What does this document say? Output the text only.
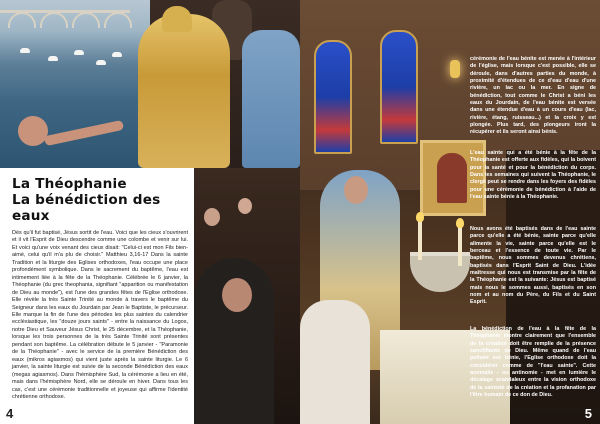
La Théophanie
La bénédiction des eaux

Dès qu'il fut baptisé, Jésus sortit de l'eau. Voici que les cieux s'ouvrirent et il vit l'Esprit de Dieu descendre comme une colombe et venir sur lui. Et voici qu'une voix venant des cieux disait: "Celui-ci est mon Fils bien-aimé, celui qu'il m'a plu de choisir." Matthieu 3,16-17 Dans la sainte Tradition et la liturgie des Eglises orthodoxes, l'eau occupe une place profondément symbolique. Dans le sacrement du baptême, l'eau est intimement liée à la fête de la Théophanie. Célébrée le 6 janvier, la Théophanie (du grec theophania, signifiant "apparition ou manifestation de Dieu au monde"), est l'une des grandes fêtes de l'Eglise orthodoxe. Elle révèle la très Sainte Trinité au monde à travers le baptême du Seigneur dans les eaux du Jourdain par Jean le Baptiste, le précurseur. Elle marque la fin de l'une des périodes les plus saintes du calendrier ecclésiastique, les "douze jours saints" - entre la naissance du Logos, notre Dieu et Sauveur Jésus Christ, le 25 décembre, et la Théophanie, lorsque les trois personnes de la très Sainte Trinité sont présentes pendant son baptême. La célébration débute le 5 janvier - "Paramonie de la Théophanie" - avec le service de la première Bénédiction des eaux (mikros agiasmos) qui vient juste après la sainte liturgie. Le 6 janvier, la sainte liturgie est suivie de la seconde Bénédiction des eaux (megas agiasmos). Dans l'hémisphère Sud, la cérémonie a lieu en été, mais dans l'hémisphère Nord, elle se déroule en hiver. Dans tous les cas, c'est une cérémonie traditionnelle et joyeuse qui affirme l'identité chrétienne orthodoxe.

4

cérémonie de l'eau bénite est menée à l'intérieur de l'église, mais lorsque c'est possible, elle se déroule, dans d'autres parties du monde, à proximité d'étendues de ce d'eau d'eau d'une rivière, un lac ou la mer. En signe de bénédiction, tout comme le Christ a béni les eaux du Jourdain, de l'eau bénite est versée dans une étendue d'eau à un cours d'eau (lac, rivière, étang, ruisseau...) et la croix y est plongée. Plus tard, des plongeurs iront la récupérer et ils seront ainsi bénis.

L'eau sainte qui a été bénie à la fête de la Théophanie est offerte aux fidèles, qui la boivent pour la santé et pour la bénédiction du corps. Dans les semaines qui suivent la Théophanie, le clergé peut se rendre dans les foyers des fidèles pour une cérémonie de bénédiction à l'aide de l'eau sainte bénie à la Théophanie.

Nous avons été baptisés dans de l'eau sainte parce qu'elle a été bénie, sainte parce qu'elle alimente la vie, sainte parce qu'elle est le berceau et l'essence de toute vie. Par le baptême, nous sommes devenus chrétiens, baptisés dans l'Esprit Saint de Dieu. L'idée maîtresse qui nous est transmise par la fête de la Théophanie est la suivante: Jésus est baptisé mais nous le sommes aussi, baptisés en son nom et au nom du Père, du Fils et du Saint Esprit.

La bénédiction de l'eau à la fête de la Théophanie montre clairement que l'ensemble de la création doit être remplie de la présence sanctifiante de Dieu. Même quand de l'eau polluée est bénie, l'Eglise orthodoxe doit la considérer comme de "l'eau sainte". Cette anomalie - ou antinomie - met en lumière le décalage scandaleux entre la vision orthodoxe de la sainteté de la création et la profanation par l'être humain de ce don de Dieu.

5
